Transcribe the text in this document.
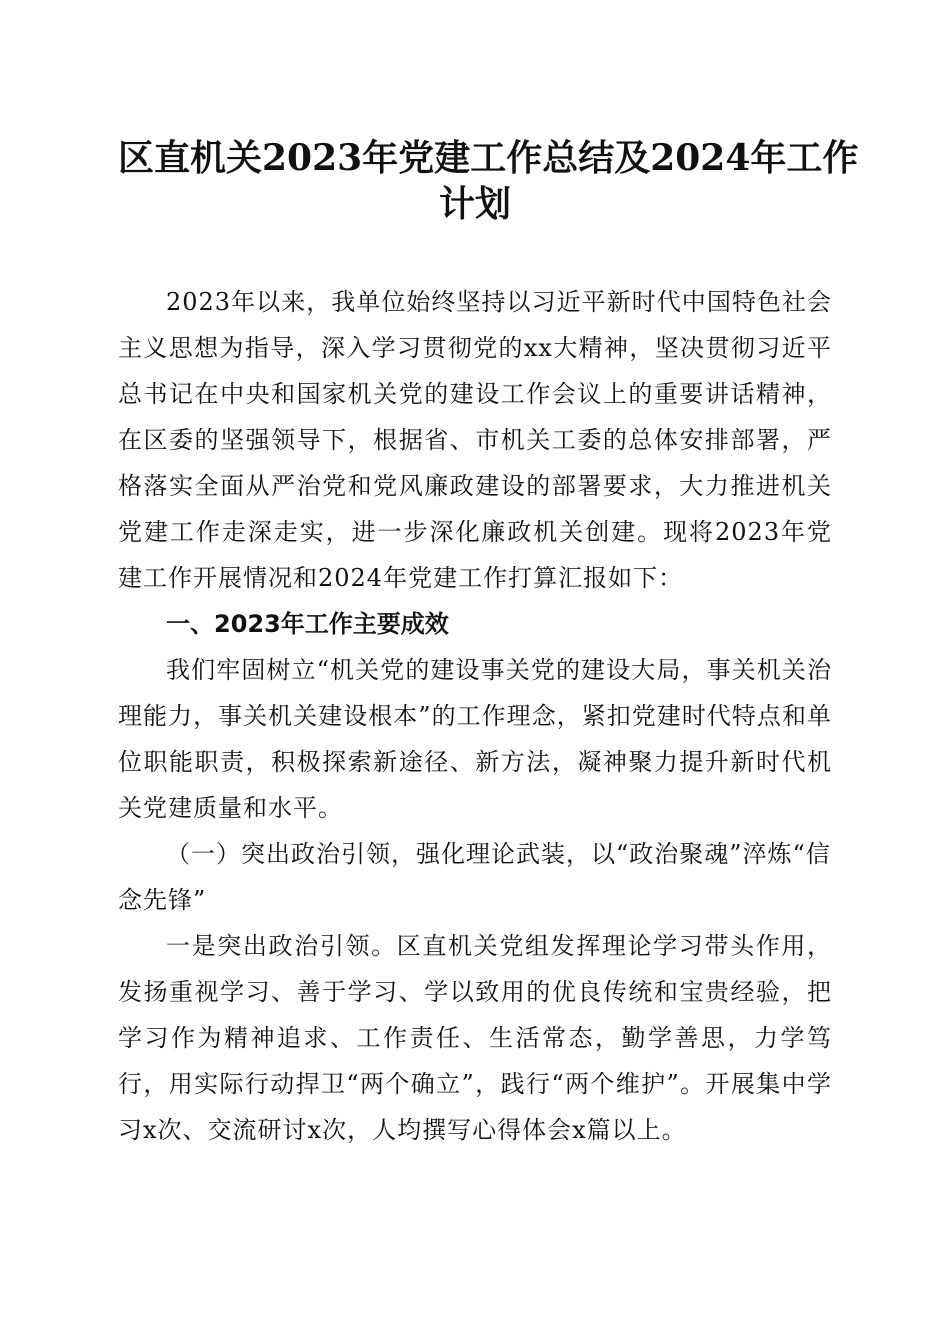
区直机关2023年党建工作总结及2024年工作
计划

2023年以来，我单位始终坚持以习近平新时代中国特色社会主义思想为指导，深入学习贯彻党的xx大精神，坚决贯彻习近平总书记在中央和国家机关党的建设工作会议上的重要讲话精神，在区委的坚强领导下，根据省、市机关工委的总体安排部署，严格落实全面从严治党和党风廉政建设的部署要求，大力推进机关党建工作走深走实，进一步深化廉政机关创建。现将2023年党建工作开展情况和2024年党建工作打算汇报如下：

一、2023年工作主要成效

我们牢固树立“机关党的建设事关党的建设大局，事关机关治理能力，事关机关建设根本”的工作理念，紧扣党建时代特点和单位职能职责，积极探索新途径、新方法，凝神聚力提升新时代机关党建质量和水平。

（一）突出政治引领，强化理论武装，以“政治聚魂”淬炼“信念先锋”

一是突出政治引领。区直机关党组发挥理论学习带头作用，发扬重视学习、善于学习、学以致用的优良传统和宝贵经验，把学习作为精神追求、工作责任、生活常态，勤学善思，力学笃行，用实际行动捍卫“两个确立”，践行“两个维护”。开展集中学习x次、交流研讨x次，人均撰写心得体会x篇以上。
